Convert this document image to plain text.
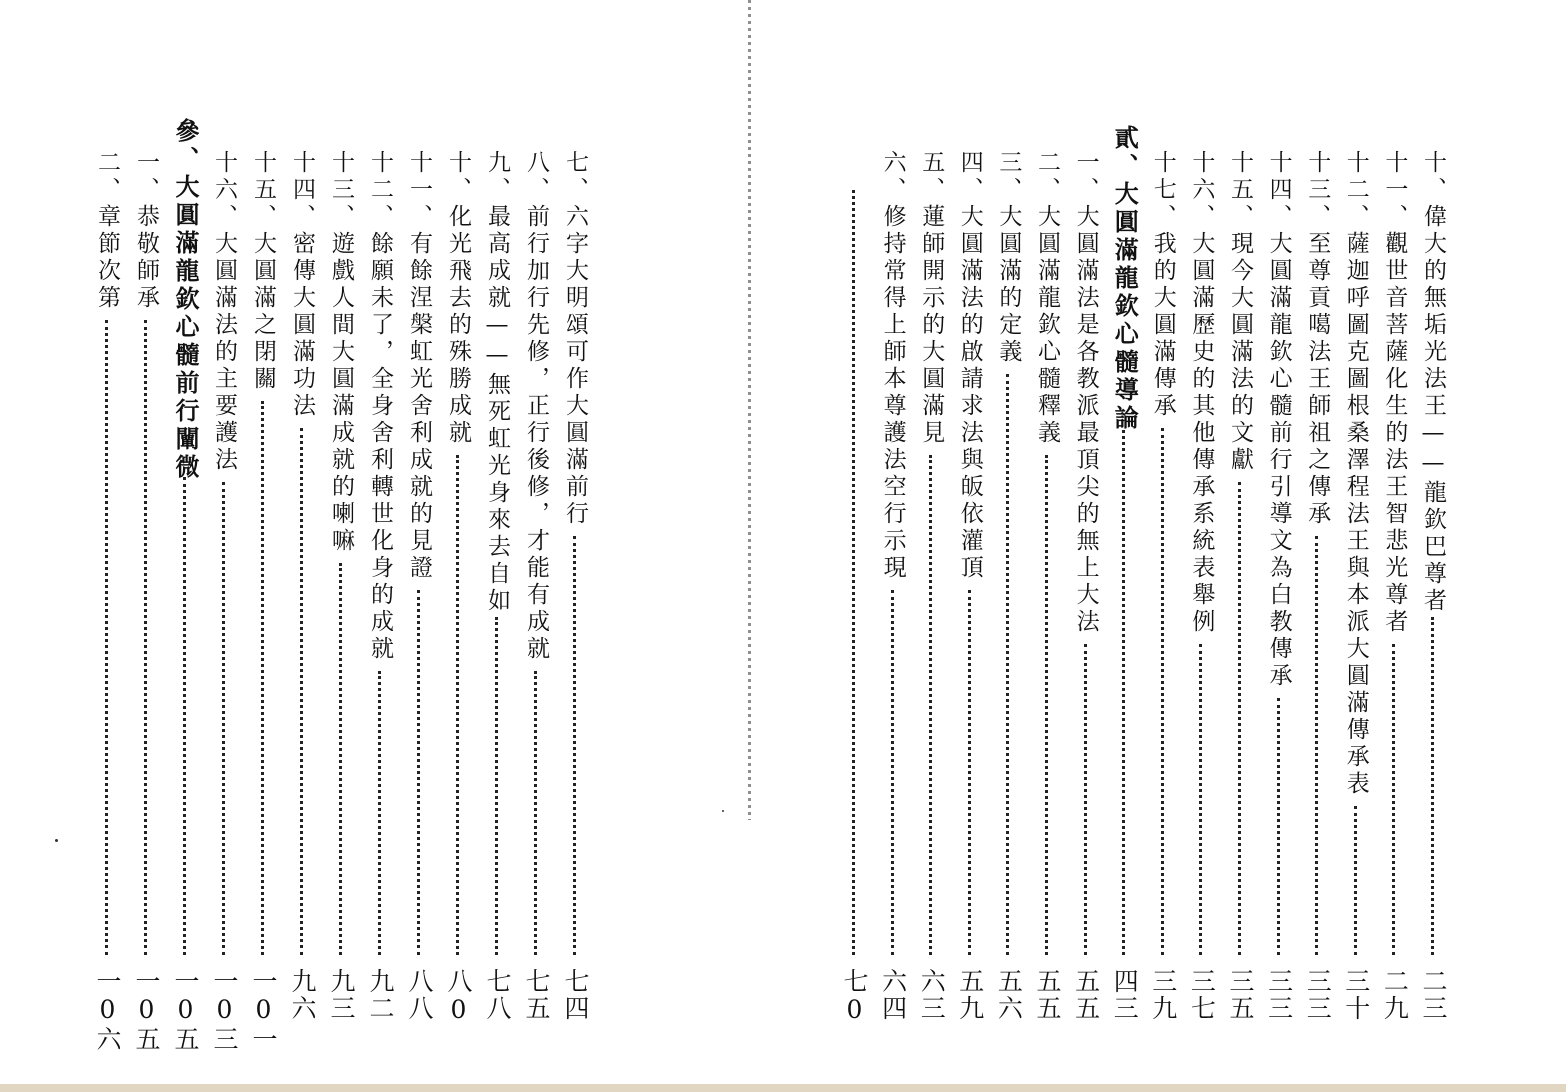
七、六字大明頌可作大圓滿前行
七四
八、前行加行先修，正行後修，才能有成就
七五
九、最高成就——無死虹光身來去自如
七八
十、化光飛去的殊勝成就
八0
十一、有餘涅槃虹光舍利成就的見證
八八
十二、餘願未了，全身舍利轉世化身的成就
九二
十三、遊戲人間大圓滿成就的喇嘛
九三
十四、密傳大圓滿功法
九六
十五、大圓滿之閉關
一0一
十六、大圓滿法的主要護法
一0三
參、大圓滿龍欽心髓前行闡微
一0五
一、恭敬師承
一0五
二、章節次第
一0六
十、偉大的無垢光法王——龍欽巴尊者
二三
十一、觀世音菩薩化生的法王智悲光尊者
二九
十二、薩迦呼圖克圖根桑澤程法王與本派大圓滿傳承表
三十
十三、至尊貢噶法王師祖之傳承
三三
十四、大圓滿龍欽心髓前行引導文為白教傳承
三三
十五、現今大圓滿法的文獻
三五
十六、大圓滿歷史的其他傳承系統表舉例
三七
十七、我的大圓滿傳承
三九
貳、大圓滿龍欽心髓導論
四三
一、大圓滿法是各教派最頂尖的無上大法
五五
二、大圓滿龍欽心髓釋義
五五
三、大圓滿的定義
五六
四、大圓滿法的啟請求法與皈依灌頂
五九
五、蓮師開示的大圓滿見
六三
六、修持常得上師本尊護法空行示現
六四
七0
